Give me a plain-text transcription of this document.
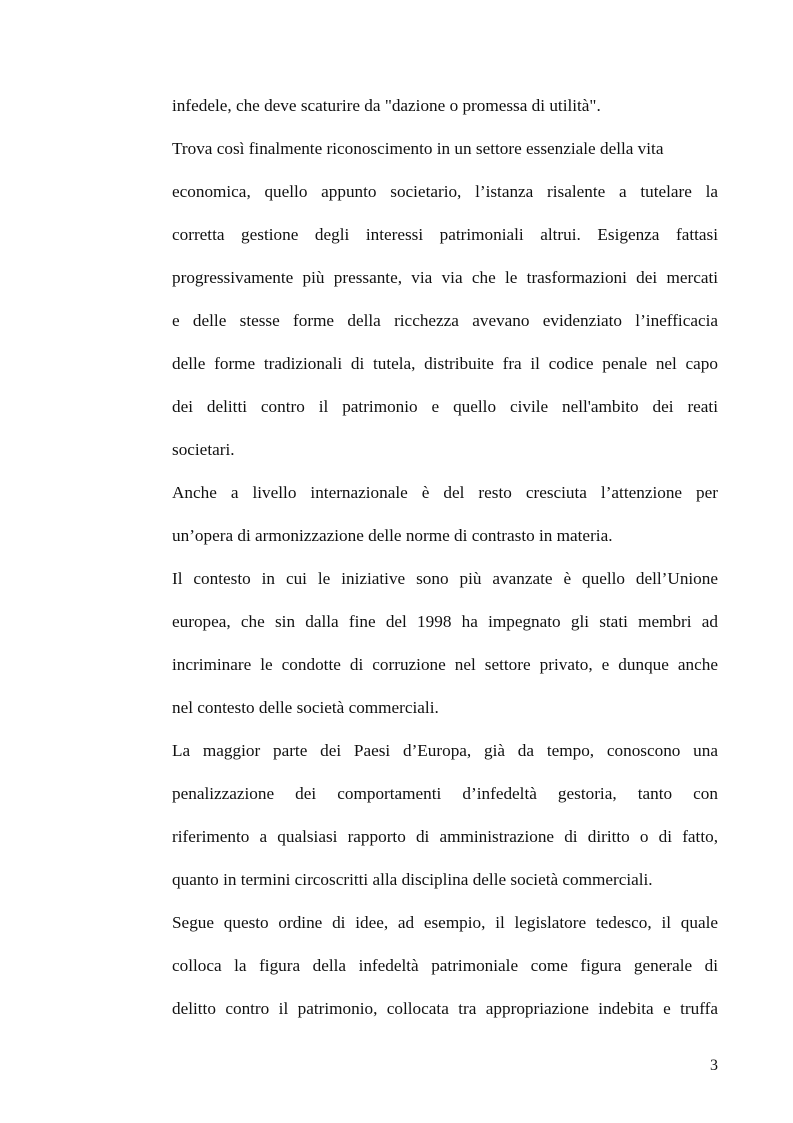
infedele, che deve scaturire da "dazione o promessa di utilità".
Trova così finalmente riconoscimento in un settore essenziale della vita
economica, quello appunto societario, l’istanza risalente a tutelare la
corretta gestione degli interessi patrimoniali altrui. Esigenza fattasi
progressivamente più pressante, via via che le trasformazioni dei mercati
e delle stesse forme della ricchezza avevano evidenziato l’inefficacia
delle forme tradizionali di tutela, distribuite fra il codice penale nel capo
dei delitti contro il patrimonio e quello civile nell'ambito dei reati
societari.
Anche a livello internazionale è del resto cresciuta l’attenzione per
un’opera di armonizzazione delle norme di contrasto in materia.
Il contesto in cui le iniziative sono più avanzate è quello dell’Unione
europea, che sin dalla fine del 1998 ha impegnato gli stati membri ad
incriminare le condotte di corruzione nel settore privato, e dunque anche
nel contesto delle società commerciali.
La maggior parte dei Paesi d’Europa, già da tempo, conoscono una
penalizzazione dei comportamenti d’infedeltà gestoria, tanto con
riferimento a qualsiasi rapporto di amministrazione di diritto o di fatto,
quanto in termini circoscritti alla disciplina delle società commerciali.
Segue questo ordine di idee, ad esempio, il legislatore tedesco, il quale
colloca la figura della infedeltà patrimoniale come figura generale di
delitto contro il patrimonio, collocata tra appropriazione indebita e truffa
3
